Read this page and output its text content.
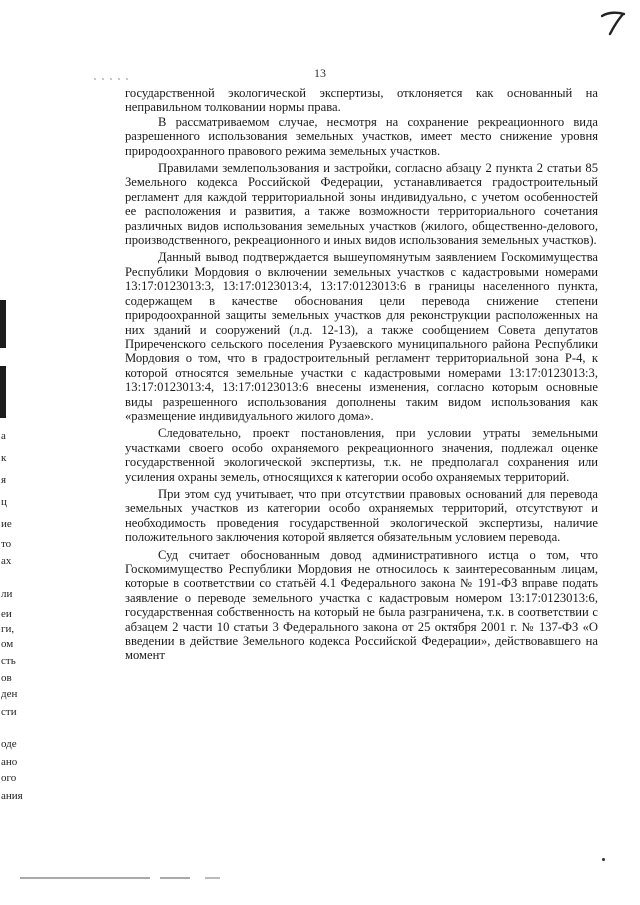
13

государственной экологической экспертизы, отклоняется как основанный на неправильном толковании нормы права.

В рассматриваемом случае, несмотря на сохранение рекреационного вида разрешенного использования земельных участков, имеет место снижение уровня природоохранного правового режима земельных участков.

Правилами землепользования и застройки, согласно абзацу 2 пункта 2 статьи 85 Земельного кодекса Российской Федерации, устанавливается градостроительный регламент для каждой территориальной зоны индивидуально, с учетом особенностей ее расположения и развития, а также возможности территориального сочетания различных видов использования земельных участков (жилого, общественно-делового, производственного, рекреационного и иных видов использования земельных участков).

Данный вывод подтверждается вышеупомянутым заявлением Госкомимущества Республики Мордовия о включении земельных участков с кадастровыми номерами 13:17:0123013:3, 13:17:0123013:4, 13:17:0123013:6 в границы населенного пункта, содержащем в качестве обоснования цели перевода снижение степени природоохранной защиты земельных участков для реконструкции расположенных на них зданий и сооружений (л.д. 12-13), а также сообщением Совета депутатов Приреченского сельского поселения Рузаевского муниципального района Республики Мордовия о том, что в градостроительный регламент территориальной зона Р-4, к которой относятся земельные участки с кадастровыми номерами 13:17:0123013:3, 13:17:0123013:4, 13:17:0123013:6 внесены изменения, согласно которым основные виды разрешенного использования дополнены таким видом использования как «размещение индивидуального жилого дома».

Следовательно, проект постановления, при условии утраты земельными участками своего особо охраняемого рекреационного значения, подлежал оценке государственной экологической экспертизы, т.к. не предполагал сохранения или усиления охраны земель, относящихся к категории особо охраняемых территорий.

При этом суд учитывает, что при отсутствии правовых оснований для перевода земельных участков из категории особо охраняемых территорий, отсутствуют и необходимость проведения государственной экологической экспертизы, наличие положительного заключения которой является обязательным условием перевода.

Суд считает обоснованным довод административного истца о том, что Госкомимущество Республики Мордовия не относилось к заинтересованным лицам, которые в соответствии со статьёй 4.1 Федерального закона № 191-ФЗ вправе подать заявление о переводе земельного участка с кадастровым номером 13:17:0123013:6, государственная собственность на который не была разграничена, т.к. в соответствии с абзацем 2 части 10 статьи 3 Федерального закона от 25 октября 2001 г. № 137-ФЗ «О введении в действие Земельного кодекса Российской Федерации», действовавшего на момент

а
к
я
ц
ие
то
ах
ли
еи
ги,
ом
сть
ов
ден
сти
оде
ано
ого
ания
